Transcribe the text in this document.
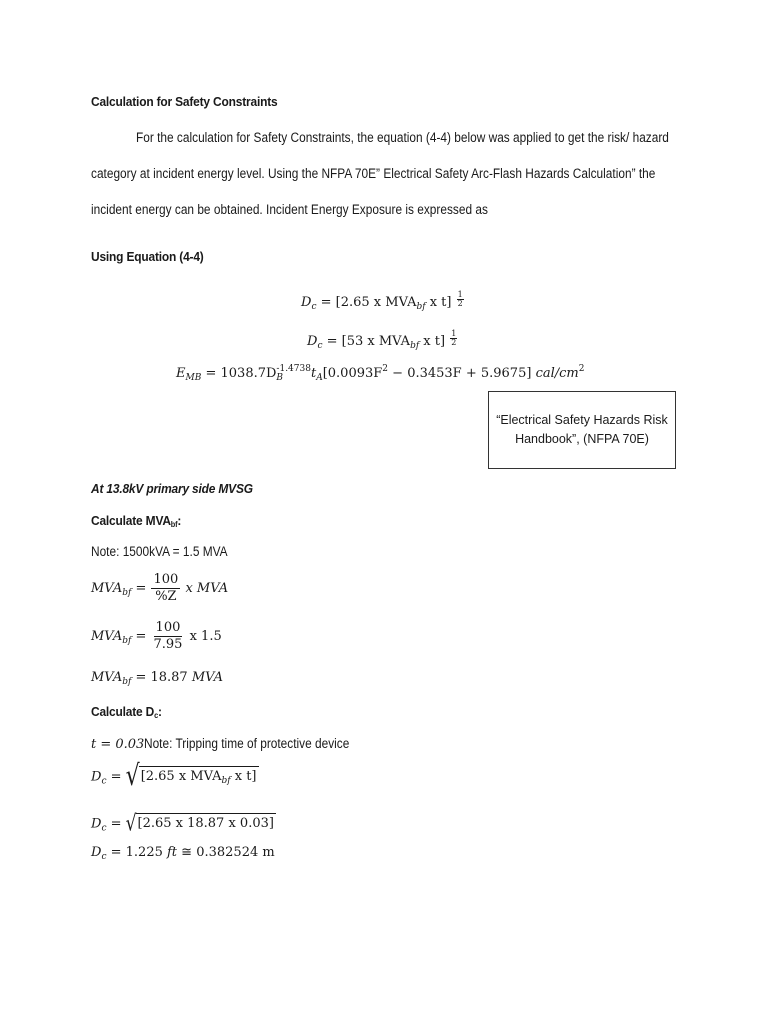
Calculation for Safety Constraints
For the calculation for Safety Constraints, the equation (4-4) below was applied to get the risk/ hazard
category at incident energy level. Using the NFPA 70E” Electrical Safety Arc-Flash Hazards Calculation” the
incident energy can be obtained. Incident Energy Exposure is expressed as
Using Equation (4-4)
$D_c = [2.65$ x $MVA_{bf}$ x $t] \frac{1}{2}$
$D_c = [53$ x $MVA_{bf}$ x $t] \frac{1}{2}$
$E_{MB} = 1038.7D$ -1.4738
B	$t_A[0.0093F^2 - 0.3453F + 5.9675]$ cal/$cm^2$
“Electrical Safety Hazards Risk
Handbook”, (NFPA 70E)
At 13.8kV primary side MVSG
Calculate MVAbf:
Note: 1500kVA = 1.5 MVA
$MVA_{bf} = \frac{100}{\%Z}$ x MVA
$MVA_{bf} = \frac{100}{7.95}$ x 1.5
$MVA_{bf} = 18.87$ MVA
Calculate Dc:
t = 0.03Note: Tripping time of protective device
$D_c$ = √ [2.65 x $MVA_{bf}$ x t]
$D_c$ = √ [2.65 x 18.87 x 0.03]
$D_c = 1.225$ ft ≅ 0.382524 m
